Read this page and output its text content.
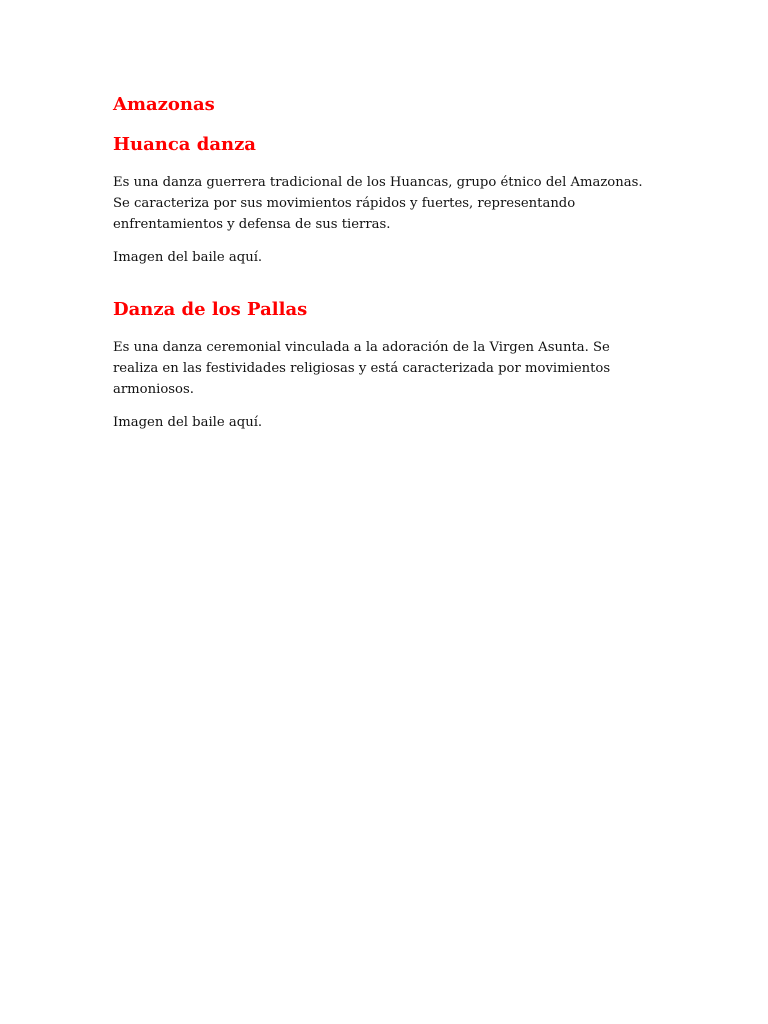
Amazonas
Huanca danza

Es una danza guerrera tradicional de los Huancas, grupo étnico del Amazonas. Se caracteriza por sus movimientos rápidos y fuertes, representando enfrentamientos y defensa de sus tierras.

Imagen del baile aquí.

Danza de los Pallas

Es una danza ceremonial vinculada a la adoración de la Virgen Asunta. Se realiza en las festividades religiosas y está caracterizada por movimientos armoniosos.

Imagen del baile aquí.
